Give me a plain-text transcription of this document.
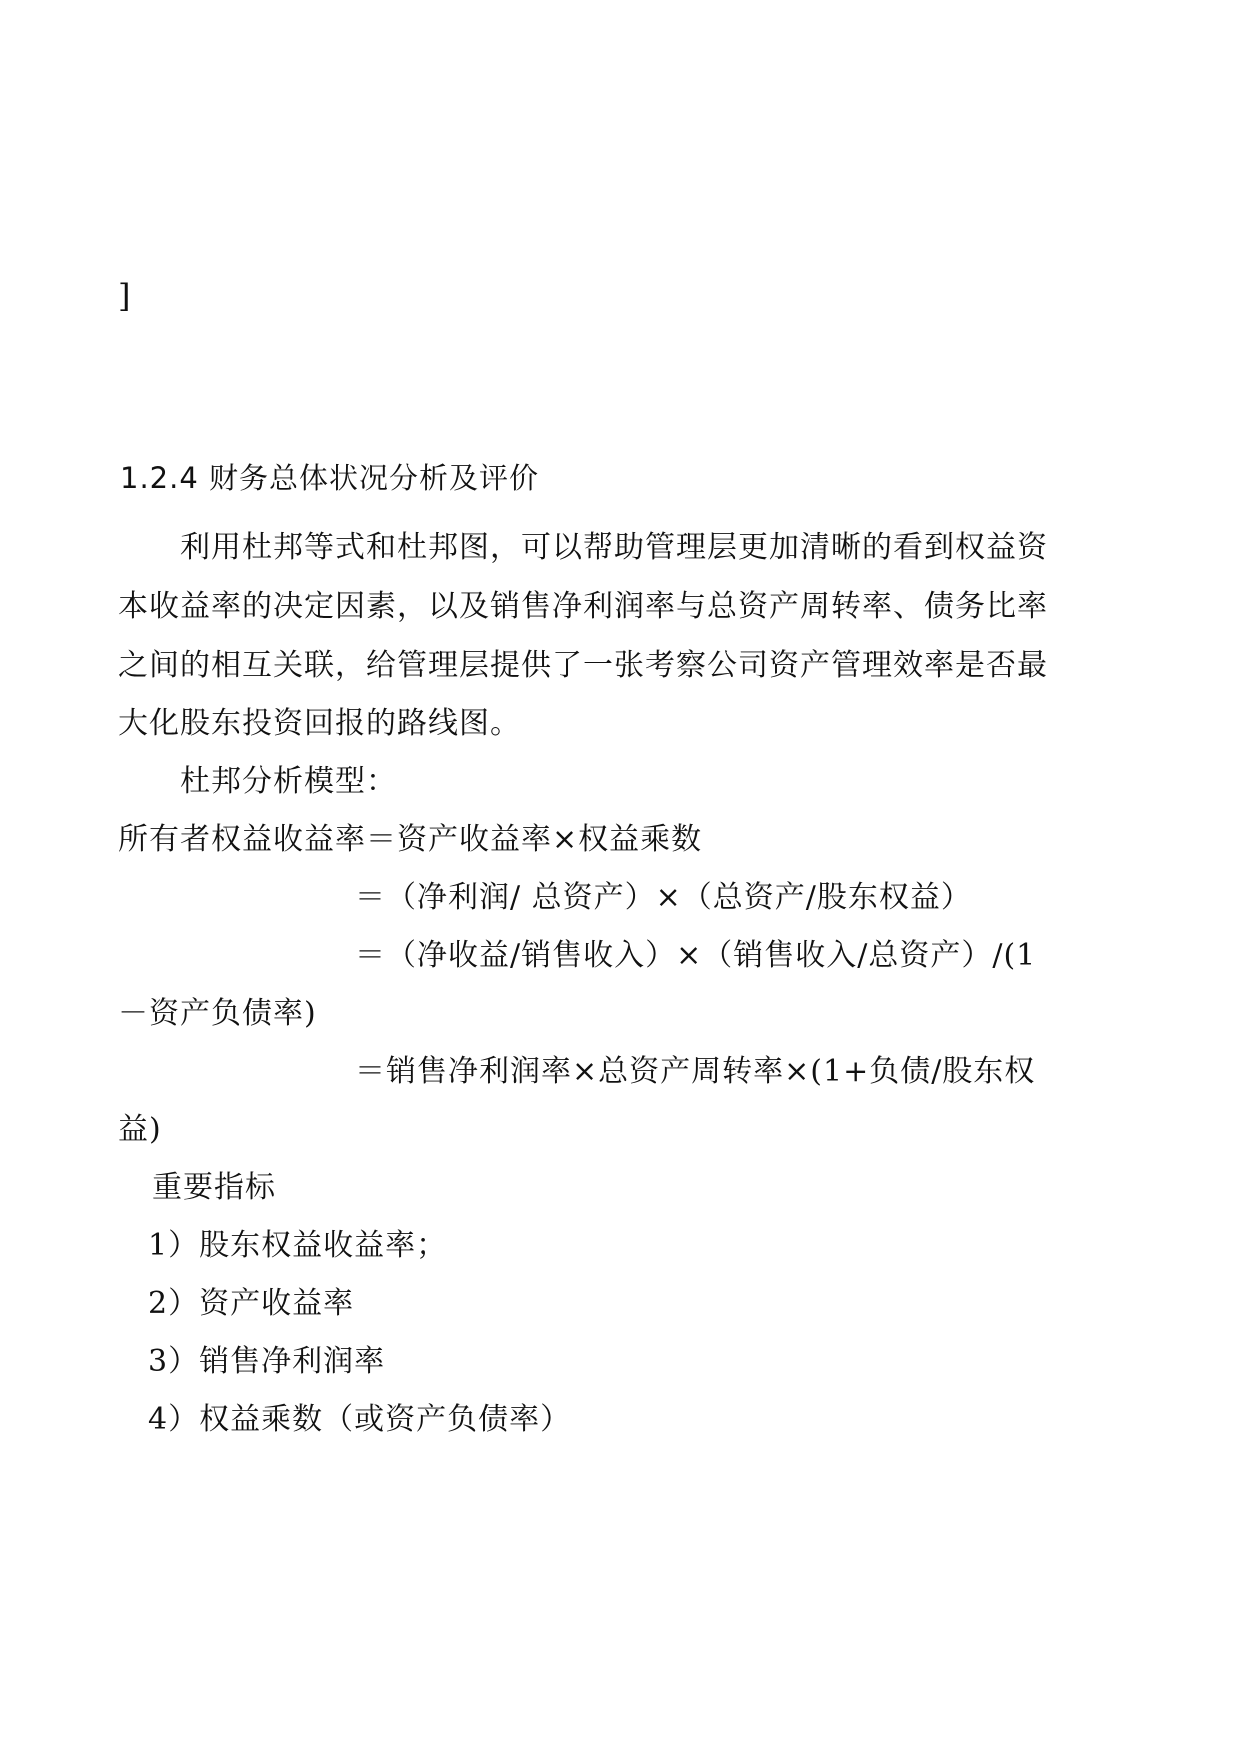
]
1.2.4 财务总体状况分析及评价
利用杜邦等式和杜邦图，可以帮助管理层更加清晰的看到权益资
本收益率的决定因素，以及销售净利润率与总资产周转率、债务比率
之间的相互关联，给管理层提供了一张考察公司资产管理效率是否最
大化股东投资回报的路线图。
杜邦分析模型：
所有者权益收益率＝资产收益率×权益乘数
＝（净利润/ 总资产）×（总资产/股东权益）
＝（净收益/销售收入）×（销售收入/总资产）/(1
－资产负债率)
＝销售净利润率×总资产周转率×(1+负债/股东权
益)
重要指标
1）股东权益收益率；
2）资产收益率
3）销售净利润率
4）权益乘数（或资产负债率）
